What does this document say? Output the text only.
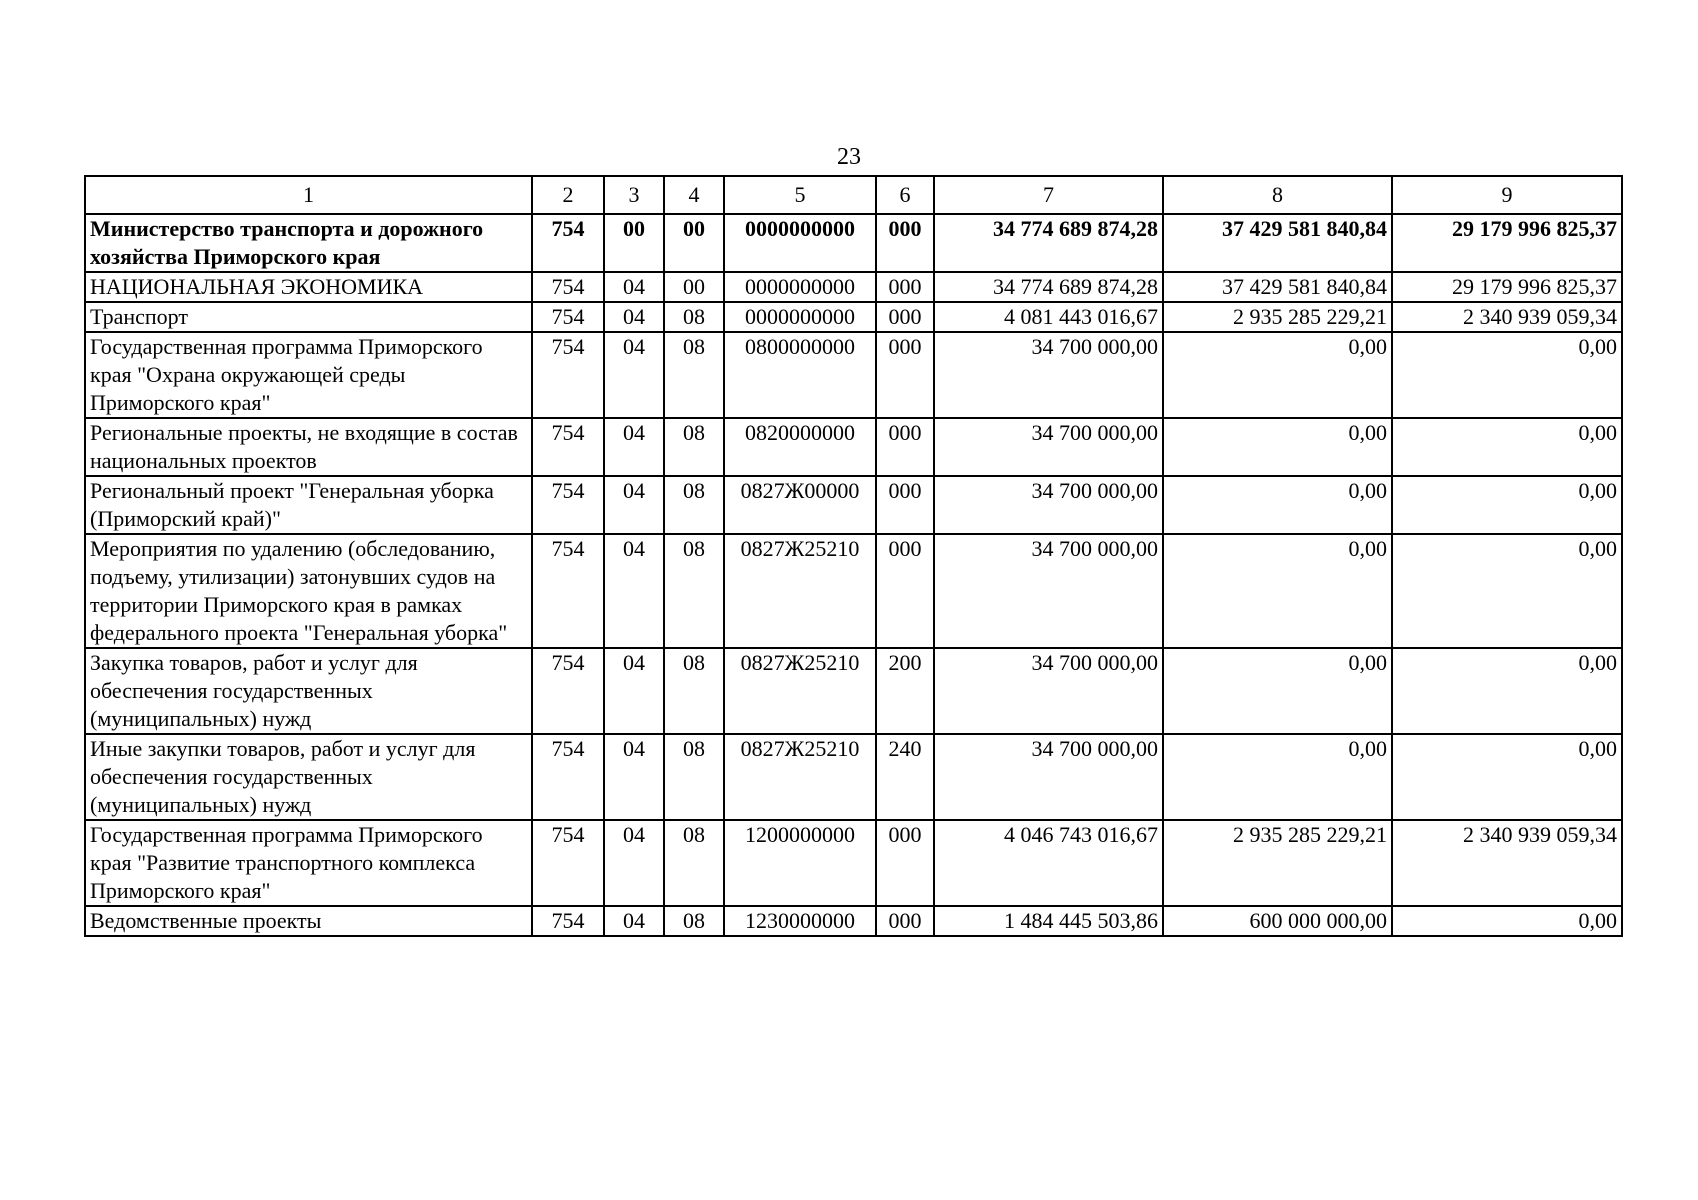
23
1	2	3	4	5	6	7	8	9
Министерство транспорта и дорожного хозяйства Приморского края	754	00	00	0000000000	000	34 774 689 874,28	37 429 581 840,84	29 179 996 825,37
НАЦИОНАЛЬНАЯ ЭКОНОМИКА	754	04	00	0000000000	000	34 774 689 874,28	37 429 581 840,84	29 179 996 825,37
Транспорт	754	04	08	0000000000	000	4 081 443 016,67	2 935 285 229,21	2 340 939 059,34
Государственная программа Приморского края "Охрана окружающей среды Приморского края"	754	04	08	0800000000	000	34 700 000,00	0,00	0,00
Региональные проекты, не входящие в состав национальных проектов	754	04	08	0820000000	000	34 700 000,00	0,00	0,00
Региональный проект "Генеральная уборка (Приморский край)"	754	04	08	0827Ж00000	000	34 700 000,00	0,00	0,00
Мероприятия по удалению (обследованию, подъему, утилизации) затонувших судов на территории Приморского края в рамках федерального проекта "Генеральная уборка"	754	04	08	0827Ж25210	000	34 700 000,00	0,00	0,00
Закупка товаров, работ и услуг для обеспечения государственных (муниципальных) нужд	754	04	08	0827Ж25210	200	34 700 000,00	0,00	0,00
Иные закупки товаров, работ и услуг для обеспечения государственных (муниципальных) нужд	754	04	08	0827Ж25210	240	34 700 000,00	0,00	0,00
Государственная программа Приморского края "Развитие транспортного комплекса Приморского края"	754	04	08	1200000000	000	4 046 743 016,67	2 935 285 229,21	2 340 939 059,34
Ведомственные проекты	754	04	08	1230000000	000	1 484 445 503,86	600 000 000,00	0,00
